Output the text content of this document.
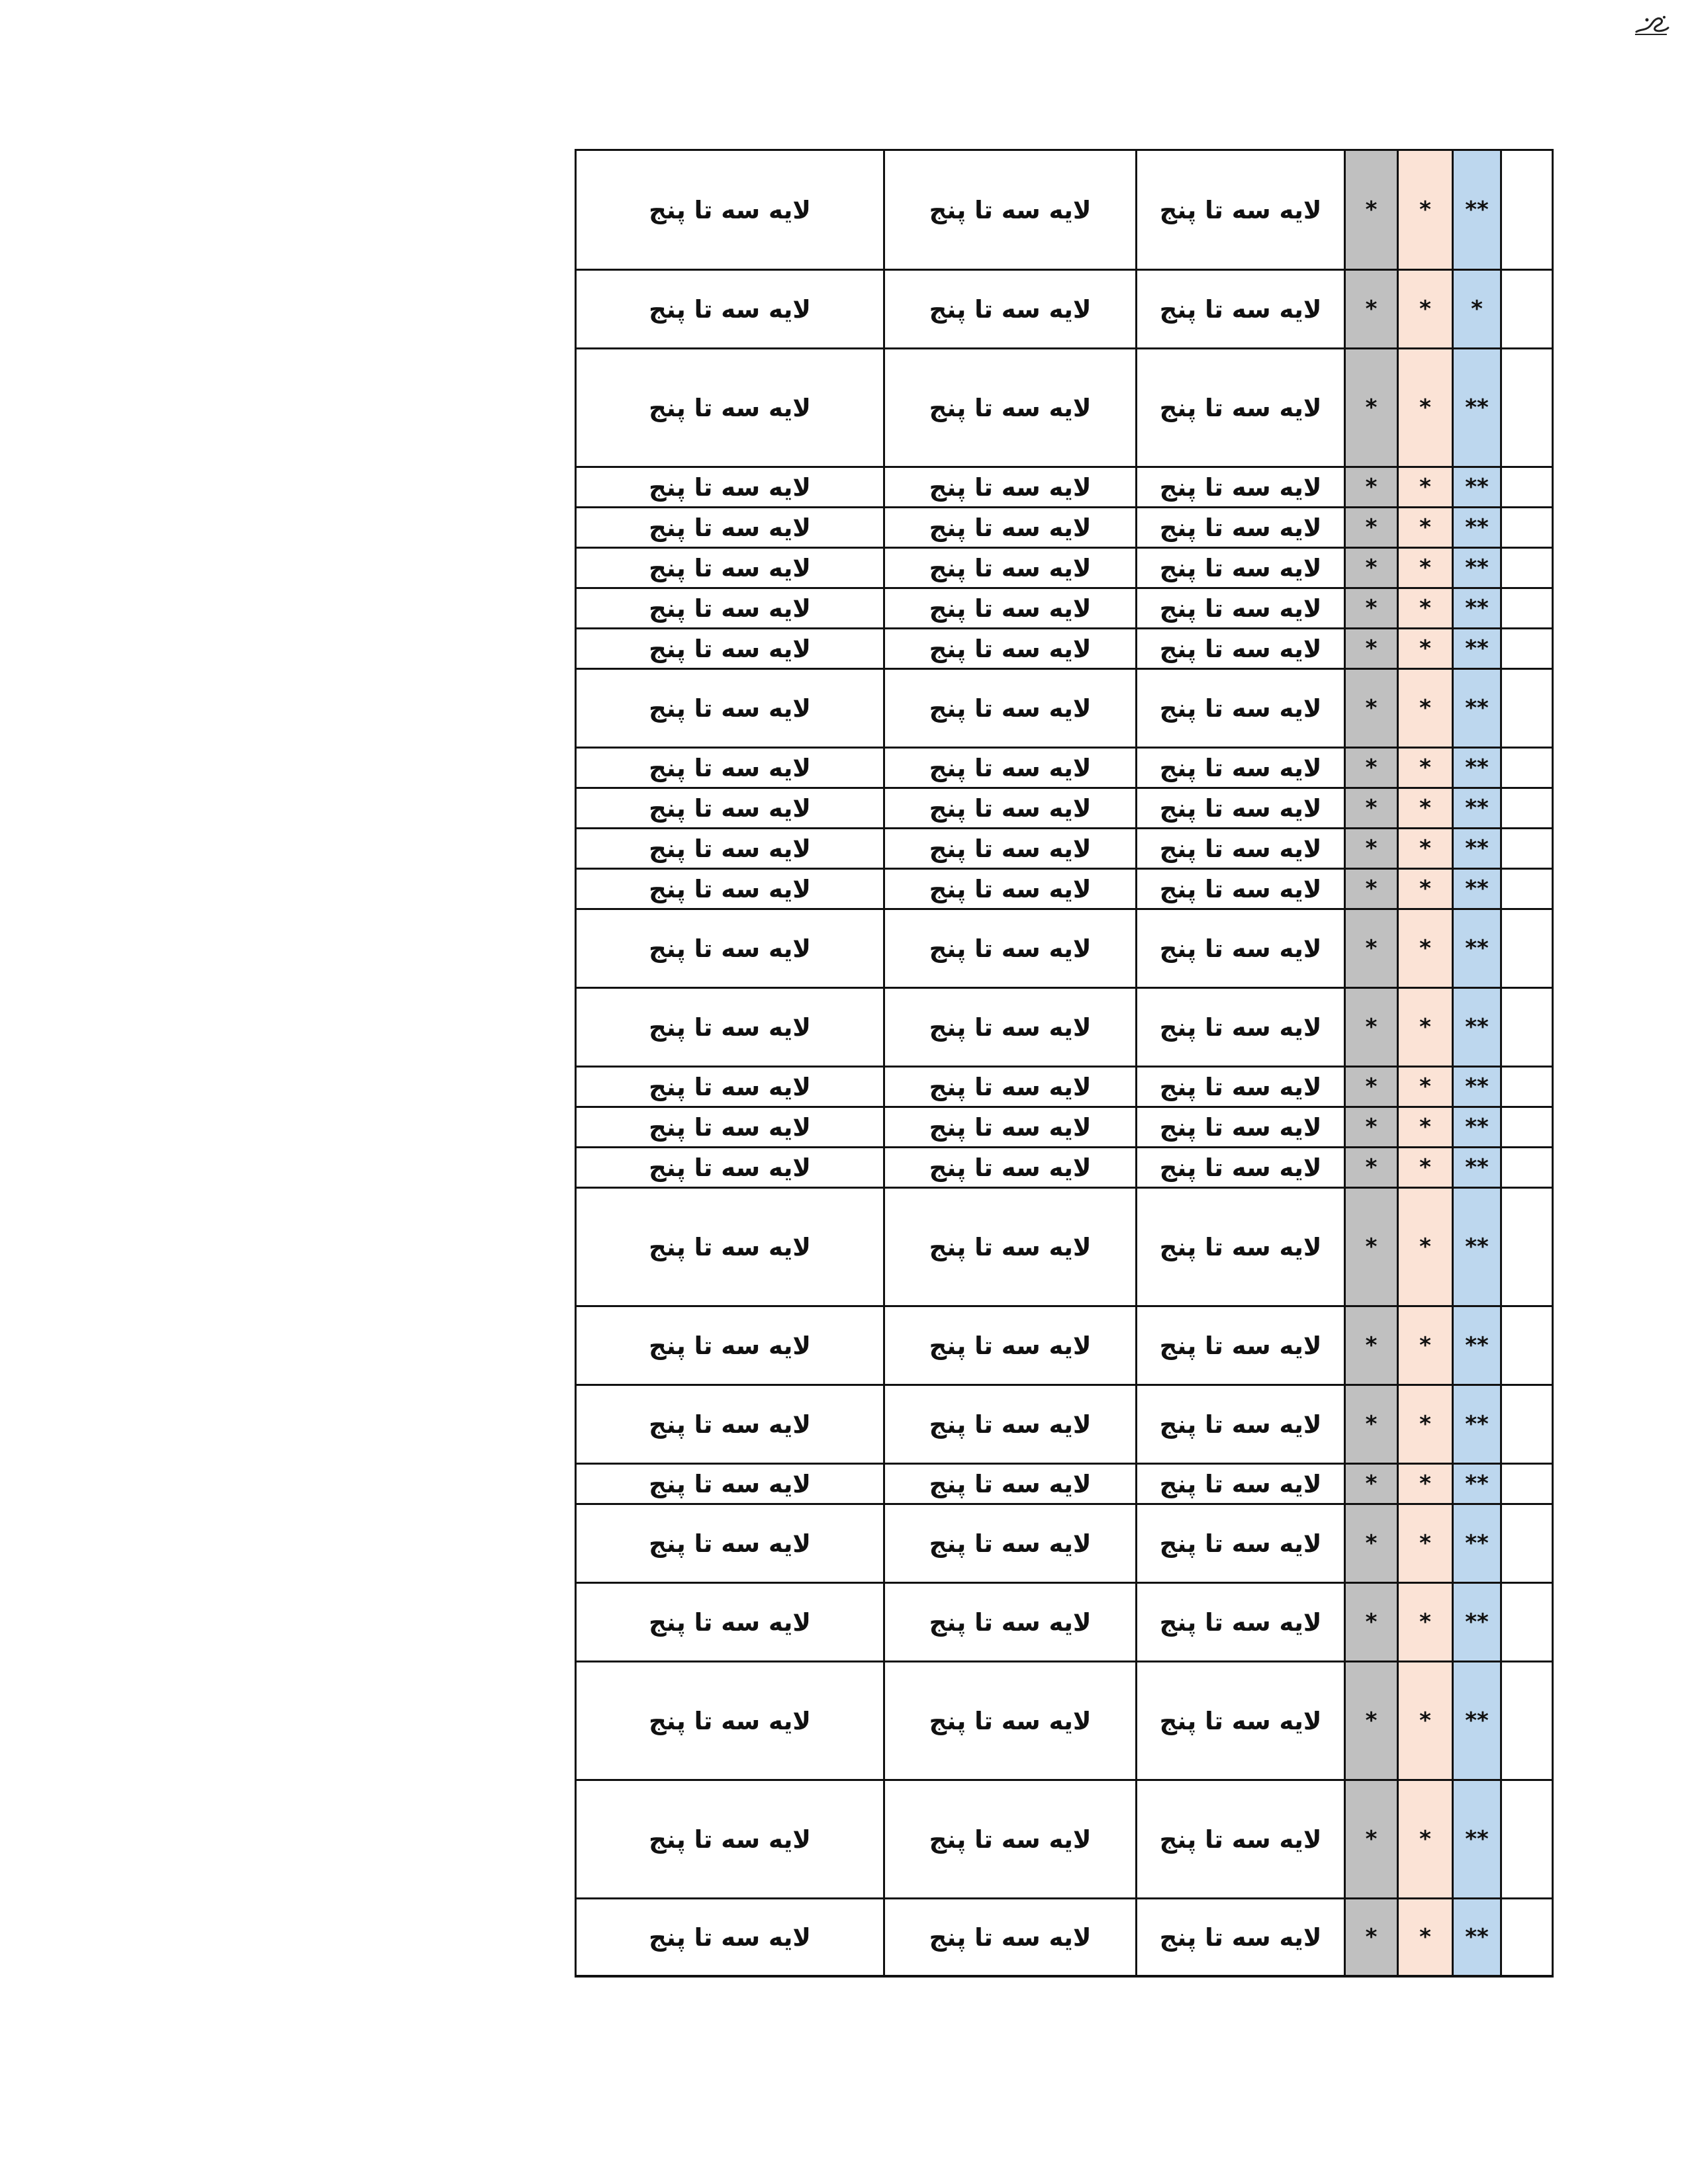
لایه سه تا پنج	لایه سه تا پنج	لایه سه تا پنج	*	*	**	
لایه سه تا پنج	لایه سه تا پنج	لایه سه تا پنج	*	*	*	
لایه سه تا پنج	لایه سه تا پنج	لایه سه تا پنج	*	*	**	
لایه سه تا پنج	لایه سه تا پنج	لایه سه تا پنج	*	*	**	
لایه سه تا پنج	لایه سه تا پنج	لایه سه تا پنج	*	*	**	
لایه سه تا پنج	لایه سه تا پنج	لایه سه تا پنج	*	*	**	
لایه سه تا پنج	لایه سه تا پنج	لایه سه تا پنج	*	*	**	
لایه سه تا پنج	لایه سه تا پنج	لایه سه تا پنج	*	*	**	
لایه سه تا پنج	لایه سه تا پنج	لایه سه تا پنج	*	*	**	
لایه سه تا پنج	لایه سه تا پنج	لایه سه تا پنج	*	*	**	
لایه سه تا پنج	لایه سه تا پنج	لایه سه تا پنج	*	*	**	
لایه سه تا پنج	لایه سه تا پنج	لایه سه تا پنج	*	*	**	
لایه سه تا پنج	لایه سه تا پنج	لایه سه تا پنج	*	*	**	
لایه سه تا پنج	لایه سه تا پنج	لایه سه تا پنج	*	*	**	
لایه سه تا پنج	لایه سه تا پنج	لایه سه تا پنج	*	*	**	
لایه سه تا پنج	لایه سه تا پنج	لایه سه تا پنج	*	*	**	
لایه سه تا پنج	لایه سه تا پنج	لایه سه تا پنج	*	*	**	
لایه سه تا پنج	لایه سه تا پنج	لایه سه تا پنج	*	*	**	
لایه سه تا پنج	لایه سه تا پنج	لایه سه تا پنج	*	*	**	
لایه سه تا پنج	لایه سه تا پنج	لایه سه تا پنج	*	*	**	
لایه سه تا پنج	لایه سه تا پنج	لایه سه تا پنج	*	*	**	
لایه سه تا پنج	لایه سه تا پنج	لایه سه تا پنج	*	*	**	
لایه سه تا پنج	لایه سه تا پنج	لایه سه تا پنج	*	*	**	
لایه سه تا پنج	لایه سه تا پنج	لایه سه تا پنج	*	*	**	
لایه سه تا پنج	لایه سه تا پنج	لایه سه تا پنج	*	*	**	
لایه سه تا پنج	لایه سه تا پنج	لایه سه تا پنج	*	*	**	
لایه سه تا پنج	لایه سه تا پنج	لایه سه تا پنج	*	*	**	
